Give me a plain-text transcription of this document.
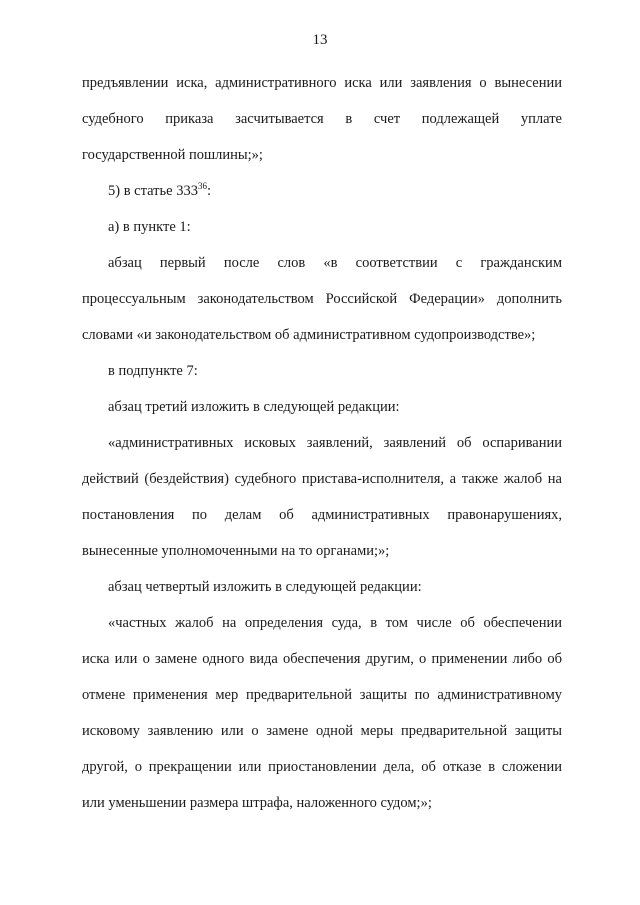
13
предъявлении иска, административного иска или заявления о вынесении
судебного приказа засчитывается в счет подлежащей уплате
государственной пошлины;»;
5) в статье $333^{36}$:
а) в пункте 1:
абзац первый после слов «в соответствии с гражданским
процессуальным законодательством Российской Федерации» дополнить
словами «и законодательством об административном судопроизводстве»;
в подпункте 7:
абзац третий изложить в следующей редакции:
«административных исковых заявлений, заявлений об оспаривании
действий (бездействия) судебного пристава-исполнителя, а также жалоб на
постановления по делам об административных правонарушениях,
вынесенные уполномоченными на то органами;»;
абзац четвертый изложить в следующей редакции:
«частных жалоб на определения суда, в том числе об обеспечении
иска или о замене одного вида обеспечения другим, о применении либо об
отмене применения мер предварительной защиты по административному
исковому заявлению или о замене одной меры предварительной защиты
другой, о прекращении или приостановлении дела, об отказе в сложении
или уменьшении размера штрафа, наложенного судом;»;
